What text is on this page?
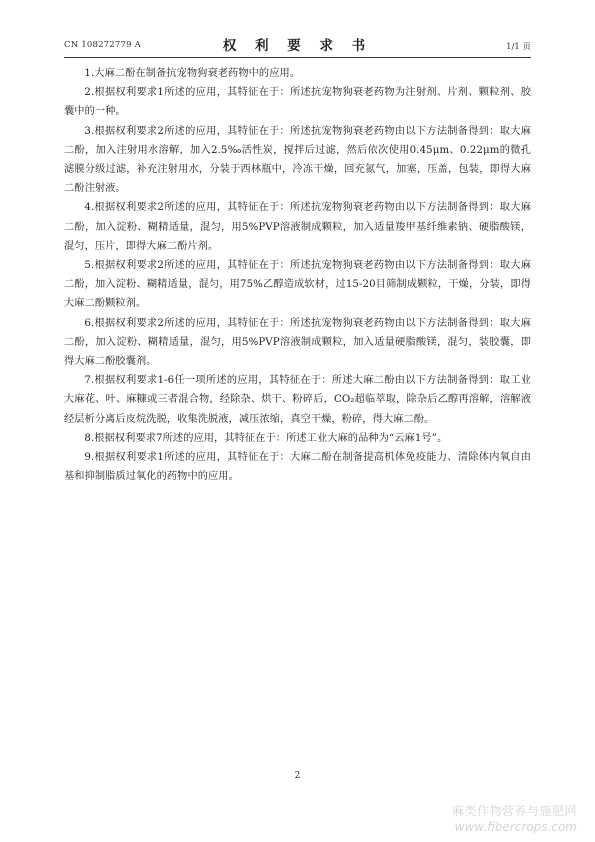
CN 108272779 A	权 利 要 求 书	1/1 页

1.大麻二酚在制备抗宠物狗衰老药物中的应用。

2.根据权利要求1所述的应用，其特征在于：所述抗宠物狗衰老药物为注射剂、片剂、颗粒剂、胶囊中的一种。

3.根据权利要求2所述的应用，其特征在于：所述抗宠物狗衰老药物由以下方法制备得到：取大麻二酚，加入注射用水溶解，加入2.5‰活性炭，搅拌后过滤，然后依次使用0.45μm、0.22μm的微孔滤膜分级过滤，补充注射用水，分装于西林瓶中，冷冻干燥，回充氮气，加塞，压盖，包装，即得大麻二酚注射液。

4.根据权利要求2所述的应用，其特征在于：所述抗宠物狗衰老药物由以下方法制备得到：取大麻二酚，加入淀粉、糊精适量，混匀，用5%PVP溶液制成颗粒，加入适量羧甲基纤维素钠、硬脂酸镁，混匀，压片，即得大麻二酚片剂。

5.根据权利要求2所述的应用，其特征在于：所述抗宠物狗衰老药物由以下方法制备得到：取大麻二酚，加入淀粉、糊精适量，混匀，用75%乙醇造成软材，过15-20目筛制成颗粒，干燥，分装，即得大麻二酚颗粒剂。

6.根据权利要求2所述的应用，其特征在于：所述抗宠物狗衰老药物由以下方法制备得到：取大麻二酚，加入淀粉、糊精适量，混匀，用5%PVP溶液制成颗粒，加入适量硬脂酸镁，混匀，装胶囊，即得大麻二酚胶囊剂。

7.根据权利要求1-6任一项所述的应用，其特征在于：所述大麻二酚由以下方法制备得到：取工业大麻花、叶、麻糠或三者混合物，经除杂、烘干、粉碎后，CO₂超临萃取，除杂后乙醇再溶解，溶解液经层析分离后皮烷洗脱，收集洗脱液，减压浓缩，真空干燥，粉碎，得大麻二酚。

8.根据权利要求7所述的应用，其特征在于：所述工业大麻的品种为“云麻1号”。

9.根据权利要求1所述的应用，其特征在于：大麻二酚在制备提高机体免疫能力、清除体内氧自由基和抑制脂质过氧化的药物中的应用。

2
麻类作物营养与施肥网
www.fibercrops.com
